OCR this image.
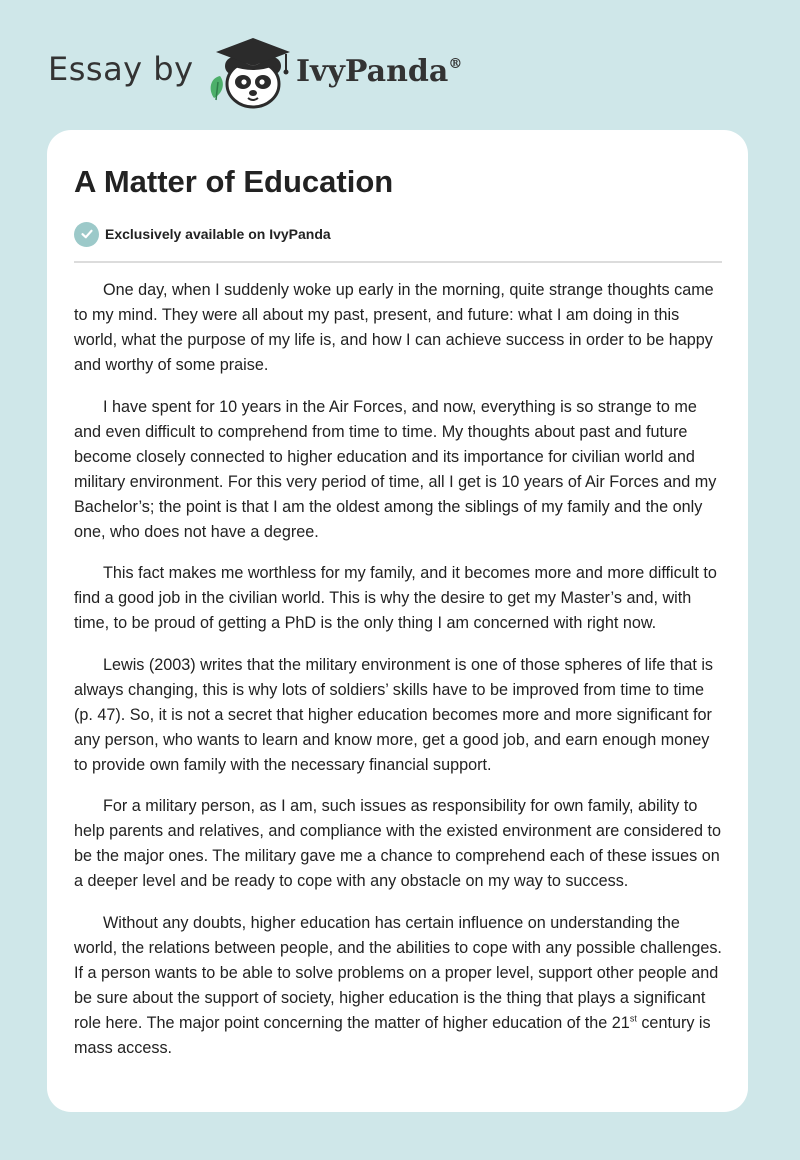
Essay by	IvyPanda®
A Matter of Education
Exclusively available on IvyPanda

One day, when I suddenly woke up early in the morning, quite strange thoughts came to my mind. They were all about my past, present, and future: what I am doing in this world, what the purpose of my life is, and how I can achieve success in order to be happy and worthy of some praise.

I have spent for 10 years in the Air Forces, and now, everything is so strange to me and even difficult to comprehend from time to time. My thoughts about past and future become closely connected to higher education and its importance for civilian world and military environment. For this very period of time, all I get is 10 years of Air Forces and my Bachelor’s; the point is that I am the oldest among the siblings of my family and the only one, who does not have a degree.

This fact makes me worthless for my family, and it becomes more and more difficult to find a good job in the civilian world. This is why the desire to get my Master’s and, with time, to be proud of getting a PhD is the only thing I am concerned with right now.

Lewis (2003) writes that the military environment is one of those spheres of life that is always changing, this is why lots of soldiers’ skills have to be improved from time to time (p. 47). So, it is not a secret that higher education becomes more and more significant for any person, who wants to learn and know more, get a good job, and earn enough money to provide own family with the necessary financial support.

For a military person, as I am, such issues as responsibility for own family, ability to help parents and relatives, and compliance with the existed environment are considered to be the major ones. The military gave me a chance to comprehend each of these issues on a deeper level and be ready to cope with any obstacle on my way to success.

Without any doubts, higher education has certain influence on understanding the world, the relations between people, and the abilities to cope with any possible challenges. If a person wants to be able to solve problems on a proper level, support other people and be sure about the support of society, higher education is the thing that plays a significant role here. The major point concerning the matter of higher education of the 21st century is mass access.
